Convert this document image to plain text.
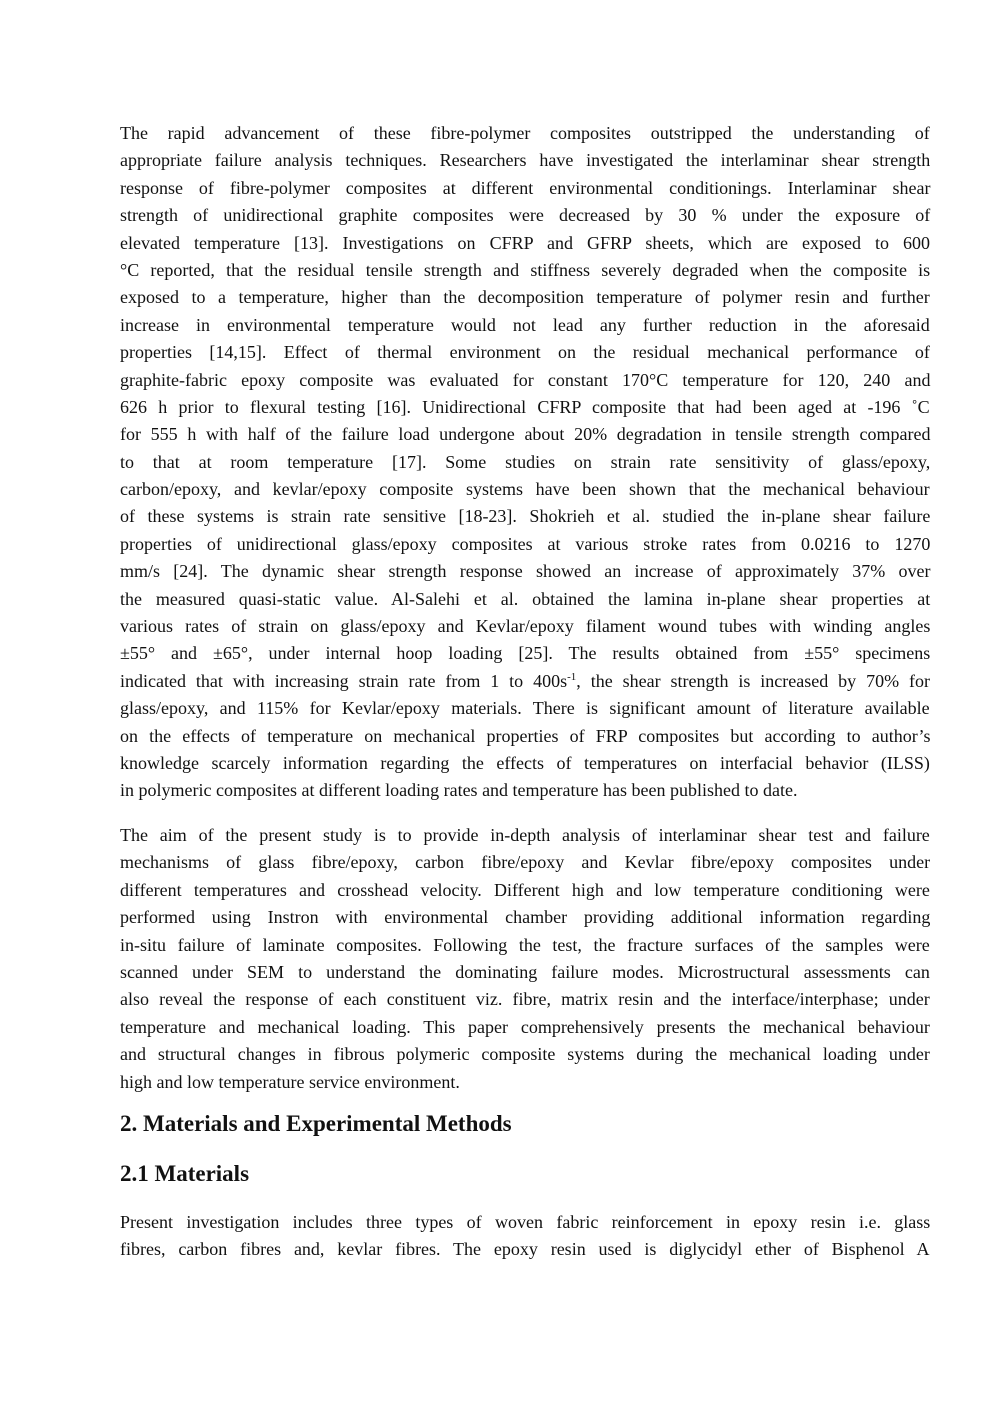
The rapid advancement of these fibre-polymer composites outstripped the understanding of
appropriate failure analysis techniques. Researchers have investigated the interlaminar shear strength
response of fibre-polymer composites at different environmental conditionings. Interlaminar shear
strength of unidirectional graphite composites were decreased by 30 % under the exposure of
elevated temperature [13]. Investigations on CFRP and GFRP sheets, which are exposed to 600
°C reported, that the residual tensile strength and stiffness severely degraded when the composite is
exposed to a temperature, higher than the decomposition temperature of polymer resin and further
increase in environmental temperature would not lead any further reduction in the aforesaid
properties [14,15]. Effect of thermal environment on the residual mechanical performance of
graphite-fabric epoxy composite was evaluated for constant 170°C temperature for 120, 240 and
626 h prior to flexural testing [16]. Unidirectional CFRP composite that had been aged at -196 ˚C
for 555 h with half of the failure load undergone about 20% degradation in tensile strength compared
to that at room temperature [17]. Some studies on strain rate sensitivity of glass/epoxy,
carbon/epoxy, and kevlar/epoxy composite systems have been shown that the mechanical behaviour
of these systems is strain rate sensitive [18-23]. Shokrieh et al. studied the in-plane shear failure
properties of unidirectional glass/epoxy composites at various stroke rates from 0.0216 to 1270
mm/s [24]. The dynamic shear strength response showed an increase of approximately 37% over
the measured quasi-static value. Al-Salehi et al. obtained the lamina in-plane shear properties at
various rates of strain on glass/epoxy and Kevlar/epoxy filament wound tubes with winding angles
±55° and ±65°, under internal hoop loading [25]. The results obtained from ±55° specimens
indicated that with increasing strain rate from 1 to $400s^{-1}$, the shear strength is increased by 70% for
glass/epoxy, and 115% for Kevlar/epoxy materials. There is significant amount of literature available
on the effects of temperature on mechanical properties of FRP composites but according to author’s
knowledge scarcely information regarding the effects of temperatures on interfacial behavior (ILSS)
in polymeric composites at different loading rates and temperature has been published to date.
The aim of the present study is to provide in-depth analysis of interlaminar shear test and failure
mechanisms of glass fibre/epoxy, carbon fibre/epoxy and Kevlar fibre/epoxy composites under
different temperatures and crosshead velocity. Different high and low temperature conditioning were
performed using Instron with environmental chamber providing additional information regarding
in-situ failure of laminate composites. Following the test, the fracture surfaces of the samples were
scanned under SEM to understand the dominating failure modes. Microstructural assessments can
also reveal the response of each constituent viz. fibre, matrix resin and the interface/interphase; under
temperature and mechanical loading. This paper comprehensively presents the mechanical behaviour
and structural changes in fibrous polymeric composite systems during the mechanical loading under
high and low temperature service environment.
2. Materials and Experimental Methods
2.1 Materials
Present investigation includes three types of woven fabric reinforcement in epoxy resin i.e. glass
fibres, carbon fibres and, kevlar fibres. The epoxy resin used is diglycidyl ether of Bisphenol A
